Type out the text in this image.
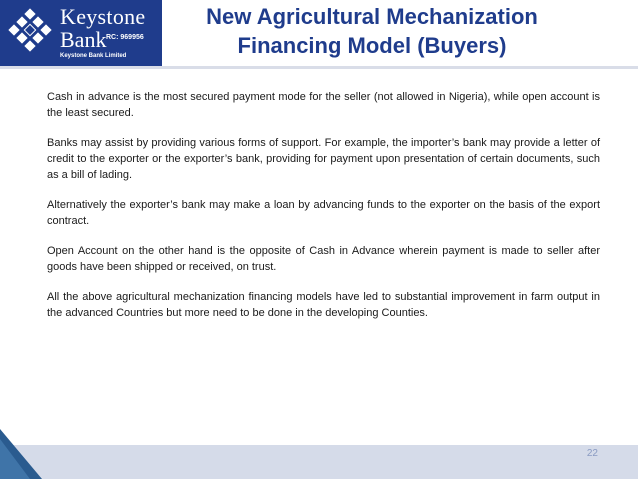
Keystone
Bank RC: 969956
Keystone Bank Limited
New Agricultural Mechanization
Financing Model (Buyers)

Cash in advance is the most secured payment mode for the seller (not allowed in Nigeria), while open account is the least secured.

Banks may assist by providing various forms of support. For example, the importer’s bank may provide a letter of credit to the exporter or the exporter’s bank, providing for payment upon presentation of certain documents, such as a bill of lading.

Alternatively the exporter’s bank may make a loan by advancing funds to the exporter on the basis of the export contract.

Open Account on the other hand is the opposite of Cash in Advance wherein payment is made to seller after goods have been shipped or received, on trust.

All the above agricultural mechanization financing models have led to substantial improvement in farm output in the advanced Countries but more need to be done in the developing Counties.

22
